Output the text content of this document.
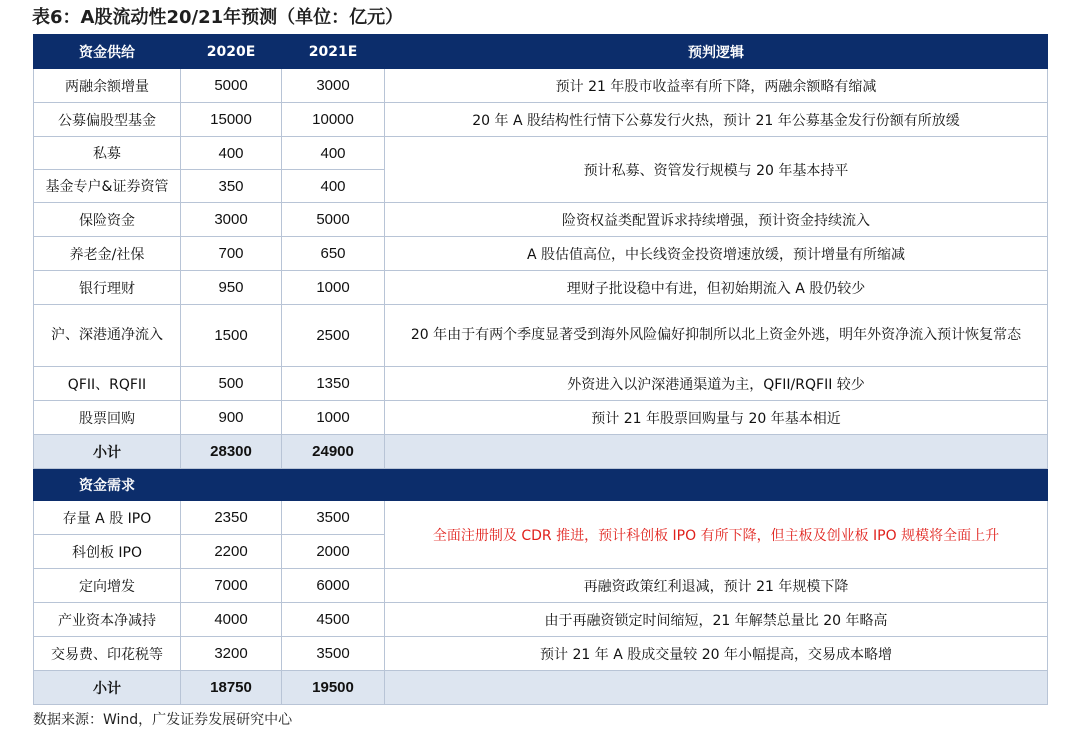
表6：A股流动性20/21年预测（单位：亿元）
资金供给	2020E	2021E	预判逻辑
两融余额增量	5000	3000	预计 21 年股市收益率有所下降，两融余额略有缩减
公募偏股型基金	15000	10000	20 年 A 股结构性行情下公募发行火热，预计 21 年公募基金发行份额有所放缓
私募	400	400	预计私募、资管发行规模与 20 年基本持平
基金专户&证券资管	350	400	
保险资金	3000	5000	险资权益类配置诉求持续增强，预计资金持续流入
养老金/社保	700	650	A 股估值高位，中长线资金投资增速放缓，预计增量有所缩减
银行理财	950	1000	理财子批设稳中有进，但初始期流入 A 股仍较少
沪、深港通净流入	1500	2500	20 年由于有两个季度显著受到海外风险偏好抑制所以北上资金外逃，明年外资净流入预计恢复常态
QFII、RQFII	500	1350	外资进入以沪深港通渠道为主，QFII/RQFII 较少
股票回购	900	1000	预计 21 年股票回购量与 20 年基本相近
小计	28300	24900	
资金需求			
存量 A 股 IPO	2350	3500	全面注册制及 CDR 推进，预计科创板 IPO 有所下降，但主板及创业板 IPO 规模将全面上升
科创板 IPO	2200	2000	
定向增发	7000	6000	再融资政策红利退减，预计 21 年规模下降
产业资本净减持	4000	4500	由于再融资锁定时间缩短，21 年解禁总量比 20 年略高
交易费、印花税等	3200	3500	预计 21 年 A 股成交量较 20 年小幅提高，交易成本略增
小计	18750	19500	
数据来源：Wind，广发证券发展研究中心
